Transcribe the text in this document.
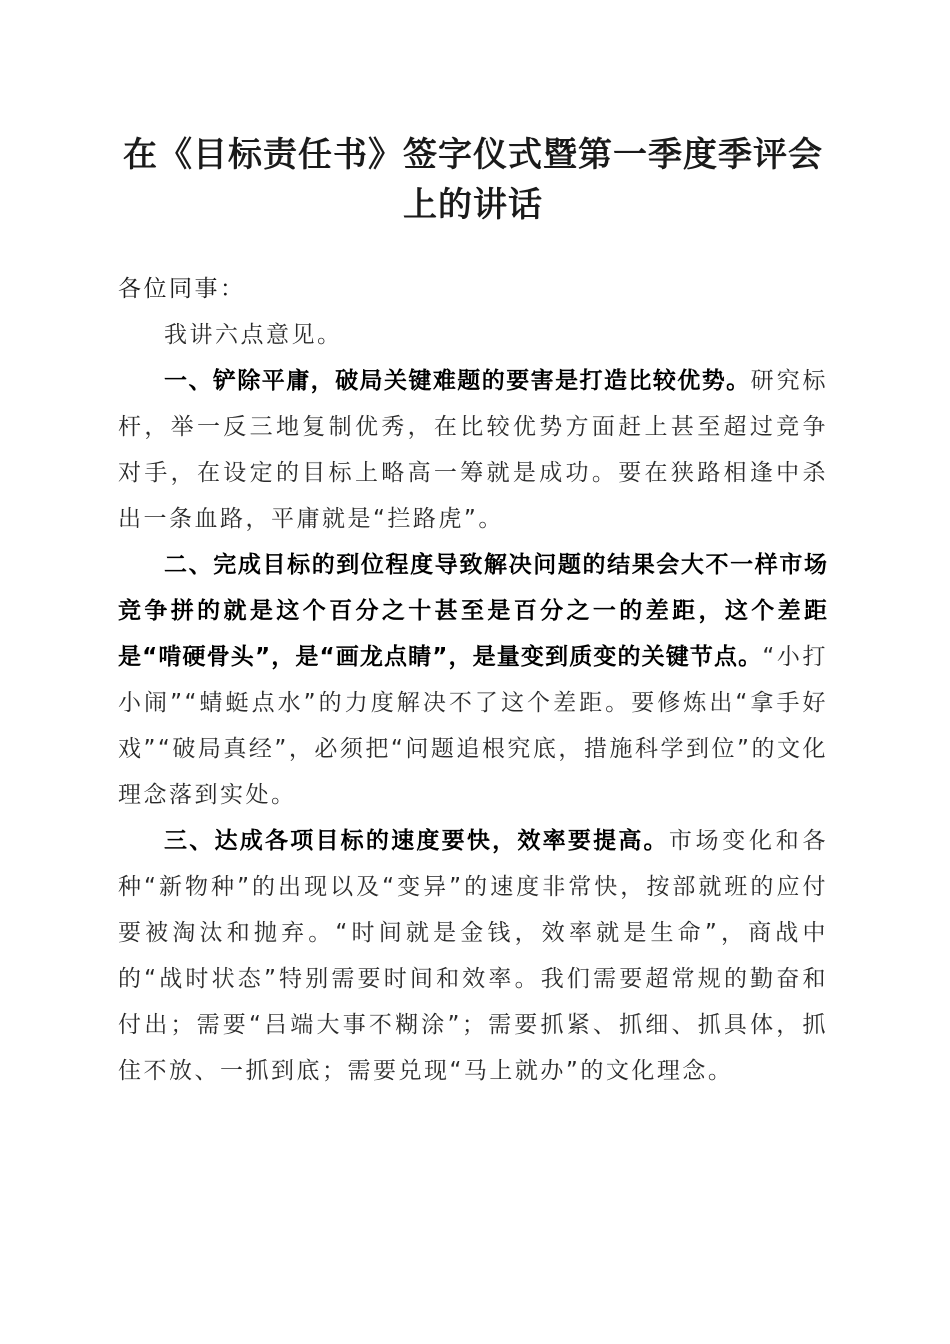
在《目标责任书》签字仪式暨第一季度季评会
上的讲话

各位同事：

我讲六点意见。

一、铲除平庸，破局关键难题的要害是打造比较优势。研究标杆，举一反三地复制优秀，在比较优势方面赶上甚至超过竞争对手，在设定的目标上略高一筹就是成功。要在狭路相逢中杀出一条血路，平庸就是“拦路虎”。

二、完成目标的到位程度导致解决问题的结果会大不一样市场竞争拼的就是这个百分之十甚至是百分之一的差距，这个差距是“啃硬骨头”，是“画龙点睛”，是量变到质变的关键节点。“小打小闹”“蜻蜓点水”的力度解决不了这个差距。要修炼出“拿手好戏”“破局真经”，必须把“问题追根究底，措施科学到位”的文化理念落到实处。

三、达成各项目标的速度要快，效率要提高。市场变化和各种“新物种”的出现以及“变异”的速度非常快，按部就班的应付要被淘汰和抛弃。“时间就是金钱，效率就是生命”，商战中的“战时状态”特别需要时间和效率。我们需要超常规的勤奋和付出；需要“吕端大事不糊涂”；需要抓紧、抓细、抓具体，抓住不放、一抓到底；需要兑现“马上就办”的文化理念。
